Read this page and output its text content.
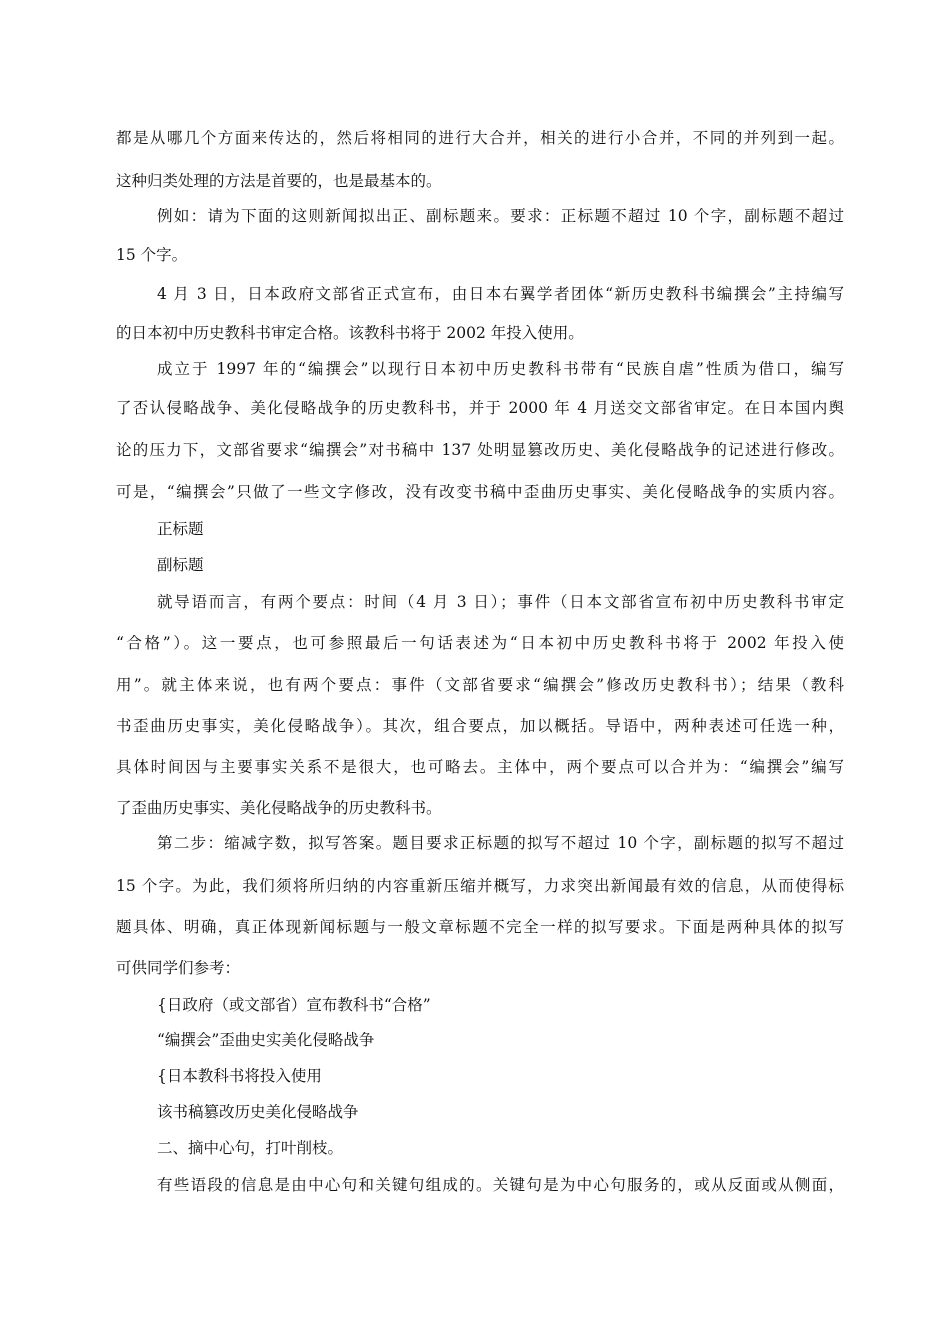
都是从哪几个方面来传达的，然后将相同的进行大合并，相关的进行小合并，不同的并列到一起。
这种归类处理的方法是首要的，也是最基本的。
例如：请为下面的这则新闻拟出正、副标题来。要求：正标题不超过 10 个字，副标题不超过
15 个字。
4 月 3 日，日本政府文部省正式宣布，由日本右翼学者团体“新历史教科书编撰会”主持编写
的日本初中历史教科书审定合格。该教科书将于 2002 年投入使用。
成立于 1997 年的“编撰会”以现行日本初中历史教科书带有“民族自虐”性质为借口，编写
了否认侵略战争、美化侵略战争的历史教科书，并于 2000 年 4 月送交文部省审定。在日本国内舆
论的压力下，文部省要求“编撰会”对书稿中 137 处明显篡改历史、美化侵略战争的记述进行修改。
可是，“编撰会”只做了一些文字修改，没有改变书稿中歪曲历史事实、美化侵略战争的实质内容。
正标题
副标题
就导语而言，有两个要点：时间（4 月 3 日）；事件（日本文部省宣布初中历史教科书审定
“合格”）。这一要点，也可参照最后一句话表述为“日本初中历史教科书将于 2002 年投入使
用”。就主体来说，也有两个要点：事件（文部省要求“编撰会”修改历史教科书）；结果（教科
书歪曲历史事实，美化侵略战争）。其次，组合要点，加以概括。导语中，两种表述可任选一种，
具体时间因与主要事实关系不是很大，也可略去。主体中，两个要点可以合并为：“编撰会”编写
了歪曲历史事实、美化侵略战争的历史教科书。
第二步：缩减字数，拟写答案。题目要求正标题的拟写不超过 10 个字，副标题的拟写不超过
15 个字。为此，我们须将所归纳的内容重新压缩并概写，力求突出新闻最有效的信息，从而使得标
题具体、明确，真正体现新闻标题与一般文章标题不完全一样的拟写要求。下面是两种具体的拟写
可供同学们参考：
{日政府（或文部省）宣布教科书“合格”
“编撰会”歪曲史实美化侵略战争
{日本教科书将投入使用
该书稿篡改历史美化侵略战争
二、摘中心句，打叶削枝。
有些语段的信息是由中心句和关键句组成的。关键句是为中心句服务的，或从反面或从侧面，
